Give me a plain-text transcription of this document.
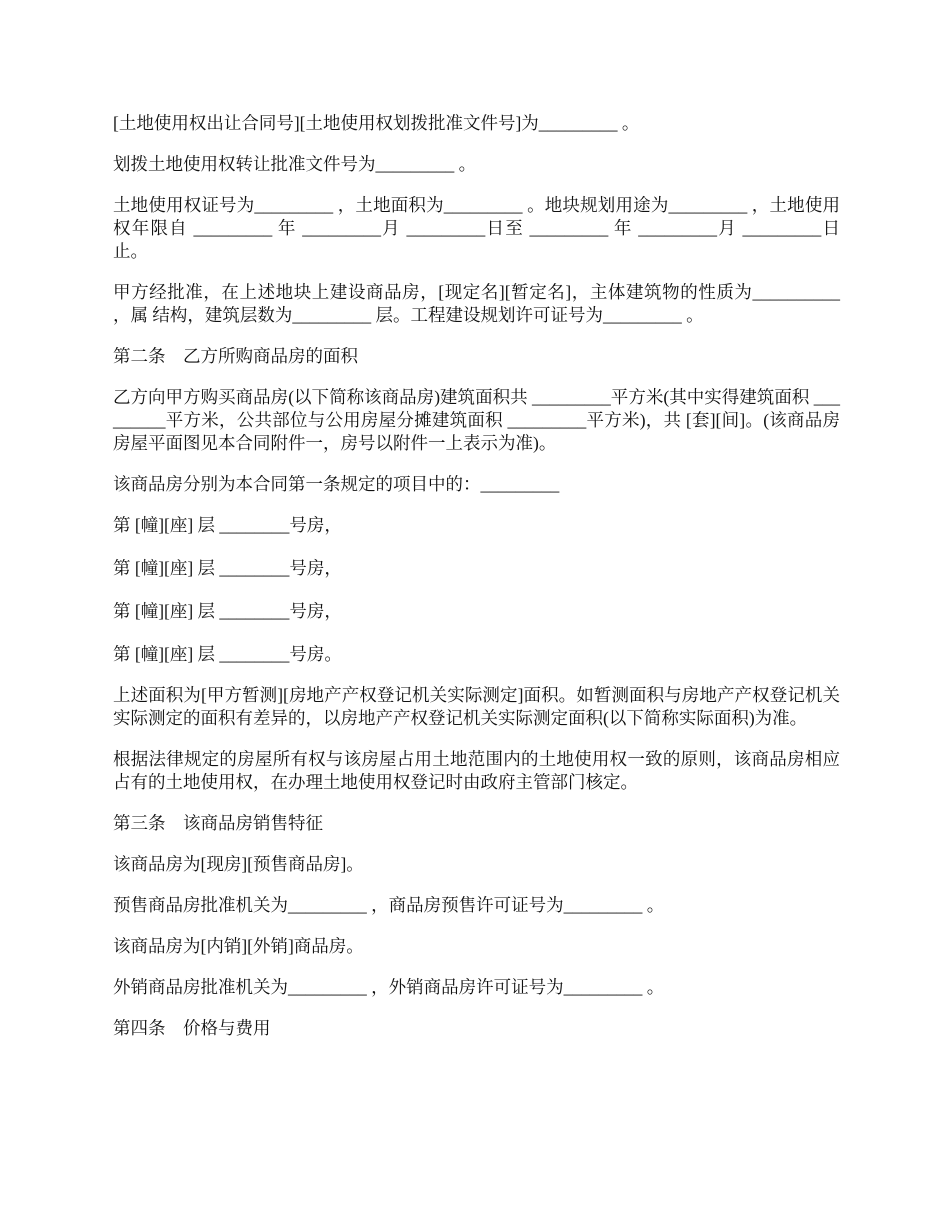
[土地使用权出让合同号][土地使用权划拨批准文件号]为_________ 。

划拨土地使用权转让批准文件号为_________ 。

土地使用权证号为_________ ，土地面积为_________ 。地块规划用途为_________ ，土地使用权年限自 _________ 年 _________月 _________日至 _________ 年 _________月 _________日止。

甲方经批准，在上述地块上建设商品房，[现定名][暂定名]，主体建筑物的性质为__________ ，属 结构，建筑层数为_________ 层。工程建设规划许可证号为_________ 。

第二条　乙方所购商品房的面积

乙方向甲方购买商品房(以下简称该商品房)建筑面积共 _________平方米(其中实得建筑面积 _________平方米，公共部位与公用房屋分摊建筑面积 _________平方米)，共 [套][间]。(该商品房房屋平面图见本合同附件一，房号以附件一上表示为准)。

该商品房分别为本合同第一条规定的项目中的：_________

第 [幢][座] 层 ________号房，

第 [幢][座] 层 ________号房，

第 [幢][座] 层 ________号房，

第 [幢][座] 层 ________号房。

上述面积为[甲方暂测][房地产产权登记机关实际测定]面积。如暂测面积与房地产产权登记机关实际测定的面积有差异的，以房地产产权登记机关实际测定面积(以下简称实际面积)为准。

根据法律规定的房屋所有权与该房屋占用土地范围内的土地使用权一致的原则，该商品房相应占有的土地使用权，在办理土地使用权登记时由政府主管部门核定。

第三条　该商品房销售特征

该商品房为[现房][预售商品房]。

预售商品房批准机关为_________ ，商品房预售许可证号为_________ 。

该商品房为[内销][外销]商品房。

外销商品房批准机关为_________ ，外销商品房许可证号为_________ 。

第四条　价格与费用
